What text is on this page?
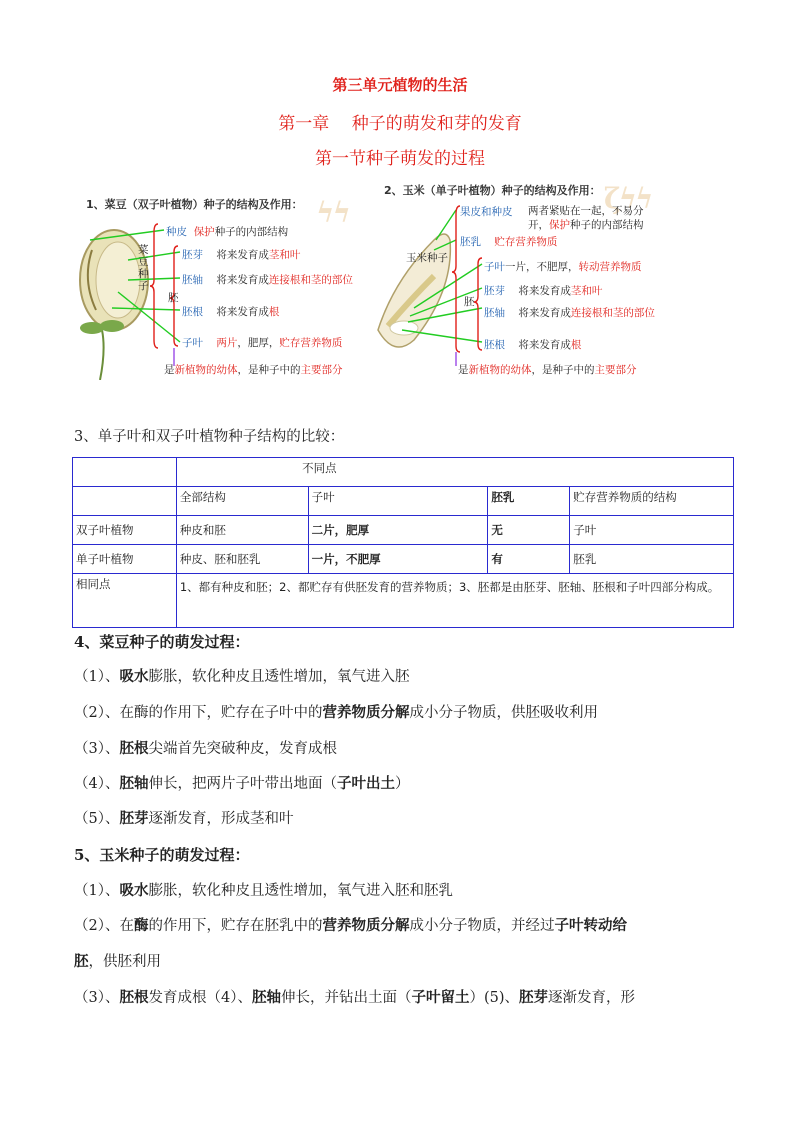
第三单元植物的生活
第一章　 种子的萌发和芽的发育
第一节种子萌发的过程
ϟϟ
1、菜豆（双子叶植物）种子的结构及作用：
菜豆种子
胚
种皮 保护种子的内部结构
胚芽 将来发育成茎和叶
胚轴 将来发育成连接根和茎的部位
胚根 将来发育成根
子叶 两片，肥厚，贮存营养物质
是新植物的幼体，是种子中的主要部分
ζϟϟ
2、玉米（单子叶植物）种子的结构及作用：
玉米种子
胚
果皮和种皮 两者紧贴在一起，不易分开，保护种子的内部结构
胚乳 贮存营养物质
子叶一片，不肥厚，转动营养物质
胚芽 将来发育成茎和叶
胚轴 将来发育成连接根和茎的部位
胚根 将来发育成根
是新植物的幼体，是种子中的主要部分
3、单子叶和双子叶植物种子结构的比较：
	不同点			
	全部结构	子叶	胚乳	贮存营养物质的结构
双子叶植物	种皮和胚	二片，肥厚	无	子叶
单子叶植物	种皮、胚和胚乳	一片，不肥厚	有	胚乳
相同点	1、都有种皮和胚；2、都贮存有供胚发育的营养物质；3、胚都是由胚芽、胚轴、胚根和子叶四部分构成。			
4、菜豆种子的萌发过程：
（1）、吸水膨胀，软化种皮且透性增加，氧气进入胚
（2）、在酶的作用下，贮存在子叶中的营养物质分解成小分子物质，供胚吸收利用
（3）、胚根尖端首先突破种皮，发育成根
（4）、胚轴伸长，把两片子叶带出地面（子叶出土）
（5）、胚芽逐渐发育，形成茎和叶
5、玉米种子的萌发过程：
（1）、吸水膨胀，软化种皮且透性增加，氧气进入胚和胚乳
（2）、在酶的作用下，贮存在胚乳中的营养物质分解成小分子物质，并经过子叶转动给
胚，供胚利用
（3）、胚根发育成根（4）、胚轴伸长，并钻出土面（子叶留土）(5)、胚芽逐渐发育，形
